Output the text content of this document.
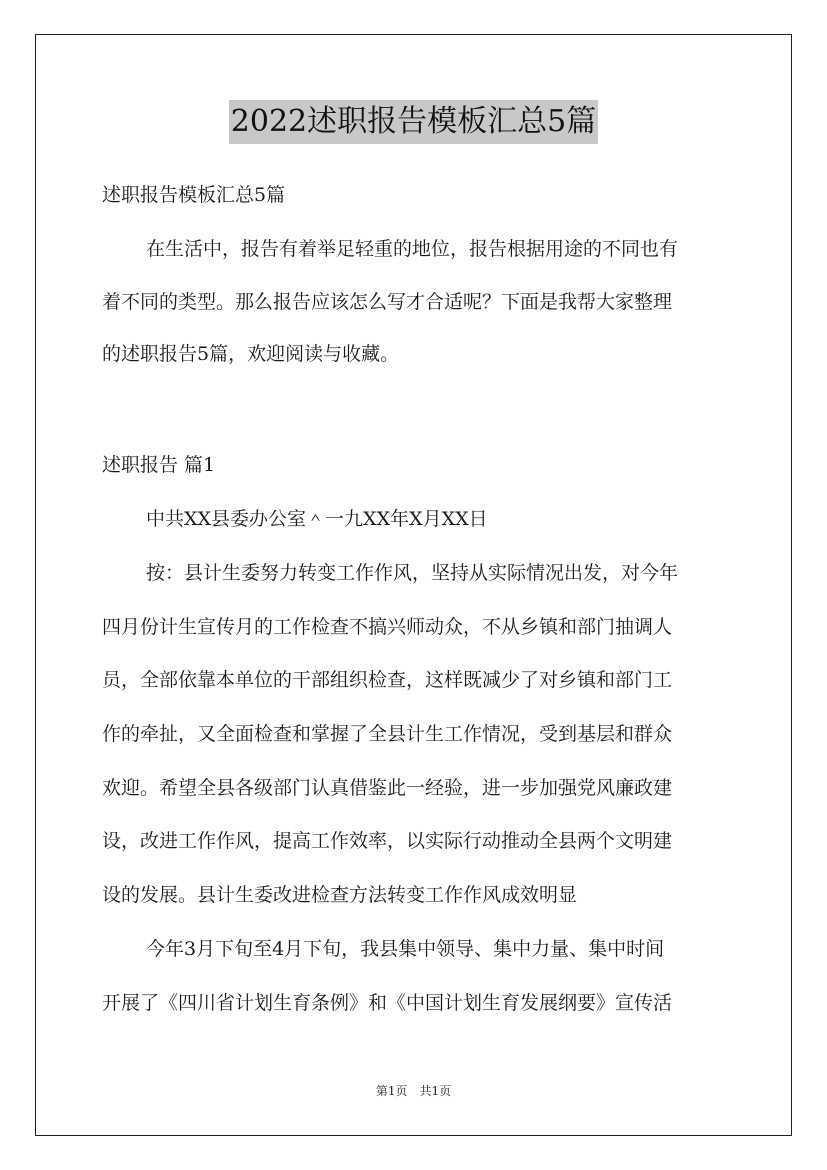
2022述职报告模板汇总5篇
述职报告模板汇总5篇
在生活中，报告有着举足轻重的地位，报告根据用途的不同也有
着不同的类型。那么报告应该怎么写才合适呢？下面是我帮大家整理
的述职报告5篇，欢迎阅读与收藏。
述职报告 篇1
中共XX县委办公室＾一九XX年X月XX日
按：县计生委努力转变工作作风，坚持从实际情况出发，对今年
四月份计生宣传月的工作检查不搞兴师动众，不从乡镇和部门抽调人
员，全部依靠本单位的干部组织检查，这样既减少了对乡镇和部门工
作的牵扯，又全面检查和掌握了全县计生工作情况，受到基层和群众
欢迎。希望全县各级部门认真借鉴此一经验，进一步加强党风廉政建
设，改进工作作风，提高工作效率，以实际行动推动全县两个文明建
设的发展。县计生委改进检查方法转变工作作风成效明显
今年3月下旬至4月下旬，我县集中领导、集中力量、集中时间
开展了《四川省计划生育条例》和《中国计划生育发展纲要》宣传活
第1页　共1页
